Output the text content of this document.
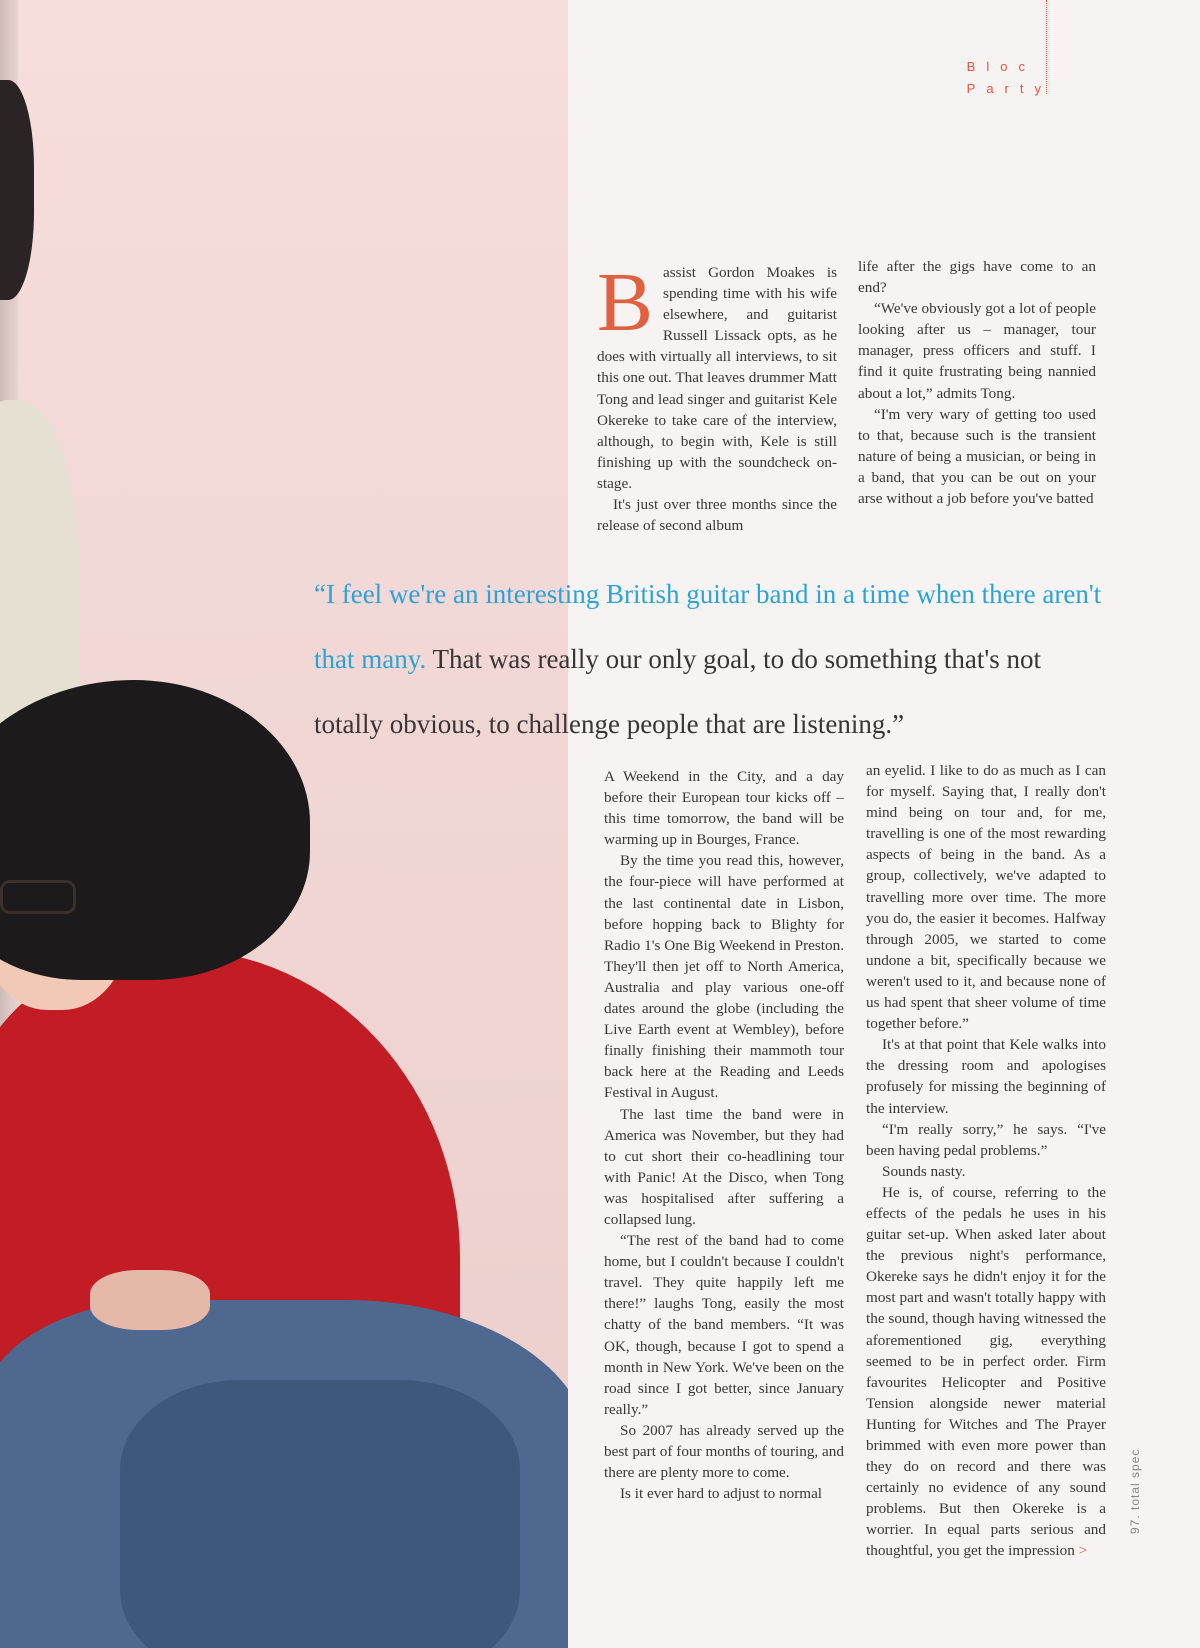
Bloc
Party

Bassist Gordon Moakes is spending time with his wife elsewhere, and guitarist Russell Lissack opts, as he does with virtually all interviews, to sit this one out. That leaves drummer Matt Tong and lead singer and guitarist Kele Okereke to take care of the interview, although, to begin with, Kele is still finishing up with the soundcheck on-stage.

It's just over three months since the release of second album

life after the gigs have come to an end?

“We've obviously got a lot of people looking after us – manager, tour manager, press officers and stuff. I find it quite frustrating being nannied about a lot,” admits Tong.

“I'm very wary of getting too used to that, because such is the transient nature of being a musician, or being in a band, that you can be out on your arse without a job before you've batted

“I feel we're an interesting British guitar band in a time when there aren't that many. That was really our only goal, to do something that's not totally obvious, to challenge people that are listening.”

A Weekend in the City, and a day before their European tour kicks off – this time tomorrow, the band will be warming up in Bourges, France.

By the time you read this, however, the four-piece will have performed at the last continental date in Lisbon, before hopping back to Blighty for Radio 1's One Big Weekend in Preston. They'll then jet off to North America, Australia and play various one-off dates around the globe (including the Live Earth event at Wembley), before finally finishing their mammoth tour back here at the Reading and Leeds Festival in August.

The last time the band were in America was November, but they had to cut short their co-headlining tour with Panic! At the Disco, when Tong was hospitalised after suffering a collapsed lung.

“The rest of the band had to come home, but I couldn't because I couldn't travel. They quite happily left me there!” laughs Tong, easily the most chatty of the band members. “It was OK, though, because I got to spend a month in New York. We've been on the road since I got better, since January really.”

So 2007 has already served up the best part of four months of touring, and there are plenty more to come.

Is it ever hard to adjust to normal

an eyelid. I like to do as much as I can for myself. Saying that, I really don't mind being on tour and, for me, travelling is one of the most rewarding aspects of being in the band. As a group, collectively, we've adapted to travelling more over time. The more you do, the easier it becomes. Halfway through 2005, we started to come undone a bit, specifically because we weren't used to it, and because none of us had spent that sheer volume of time together before.”

It's at that point that Kele walks into the dressing room and apologises profusely for missing the beginning of the interview.

“I'm really sorry,” he says. “I've been having pedal problems.”

Sounds nasty.

He is, of course, referring to the effects of the pedals he uses in his guitar set-up. When asked later about the previous night's performance, Okereke says he didn't enjoy it for the most part and wasn't totally happy with the sound, though having witnessed the aforementioned gig, everything seemed to be in perfect order. Firm favourites Helicopter and Positive Tension alongside newer material Hunting for Witches and The Prayer brimmed with even more power than they do on record and there was certainly no evidence of any sound problems. But then Okereke is a worrier. In equal parts serious and thoughtful, you get the impression >

97. total spec
